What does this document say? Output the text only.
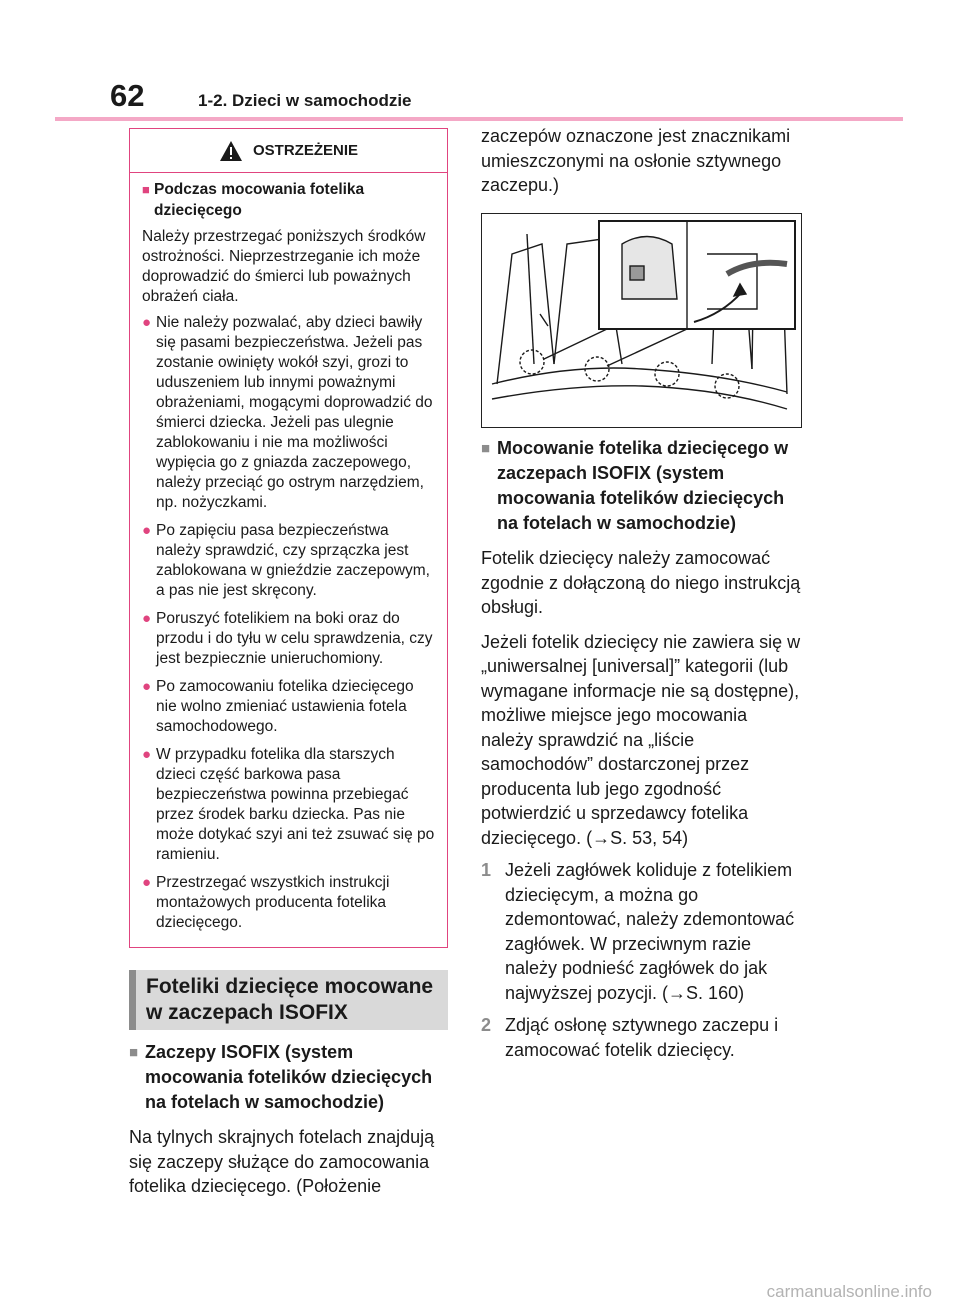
62	1-2. Dzieci w samochodzie
OSTRZEŻENIE
■ Podczas mocowania fotelika dziecięcego
Należy przestrzegać poniższych środków ostrożności. Nieprzestrzeganie ich może doprowadzić do śmierci lub poważnych obrażeń ciała.
● Nie należy pozwalać, aby dzieci bawiły się pasami bezpieczeństwa. Jeżeli pas zostanie owinięty wokół szyi, grozi to uduszeniem lub innymi poważnymi obrażeniami, mogącymi doprowadzić do śmierci dziecka. Jeżeli pas ulegnie zablokowaniu i nie ma możliwości wypięcia go z gniazda zaczepowego, należy przeciąć go ostrym narzędziem, np. nożyczkami.
● Po zapięciu pasa bezpieczeństwa należy sprawdzić, czy sprzączka jest zablokowana w gnieździe zaczepowym, a pas nie jest skręcony.
● Poruszyć fotelikiem na boki oraz do przodu i do tyłu w celu sprawdzenia, czy jest bezpiecznie unieruchomiony.
● Po zamocowaniu fotelika dziecięcego nie wolno zmieniać ustawienia fotela samochodowego.
● W przypadku fotelika dla starszych dzieci część barkowa pasa bezpieczeństwa powinna przebiegać przez środek barku dziecka. Pas nie może dotykać szyi ani też zsuwać się po ramieniu.
● Przestrzegać wszystkich instrukcji montażowych producenta fotelika dziecięcego.
Foteliki dziecięce mocowane w zaczepach ISOFIX
■ Zaczepy ISOFIX (system mocowania fotelików dziecięcych na fotelach w samochodzie)
Na tylnych skrajnych fotelach znajdują się zaczepy służące do zamocowania fotelika dziecięcego. (Położenie
zaczepów oznaczone jest znacznikami umieszczonymi na osłonie sztywnego zaczepu.)
■ Mocowanie fotelika dziecięcego w zaczepach ISOFIX (system mocowania fotelików dziecięcych na fotelach w samochodzie)
Fotelik dziecięcy należy zamocować zgodnie z dołączoną do niego instrukcją obsługi.
Jeżeli fotelik dziecięcy nie zawiera się w „uniwersalnej [universal]” kategorii (lub wymagane informacje nie są dostępne), możliwe miejsce jego mocowania należy sprawdzić na „liście samochodów” dostarczonej przez producenta lub jego zgodność potwierdzić u sprzedawcy fotelika dziecięcego. (→S. 53, 54)
1 Jeżeli zagłówek koliduje z fotelikiem dziecięcym, a można go zdemontować, należy zdemontować zagłówek. W przeciwnym razie należy podnieść zagłówek do jak najwyższej pozycji. (→S. 160)
2 Zdjąć osłonę sztywnego zaczepu i zamocować fotelik dziecięcy.
carmanualsonline.info
